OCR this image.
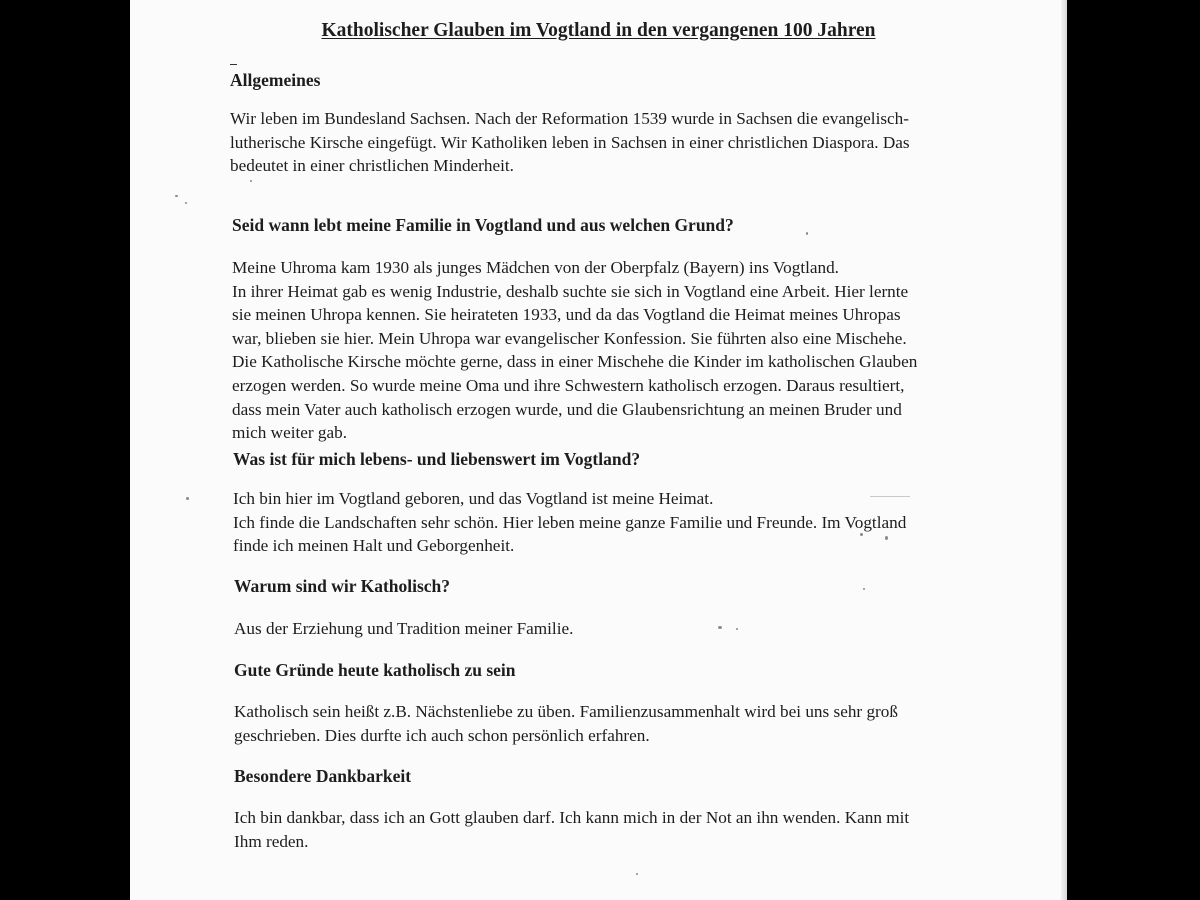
Katholischer Glauben im Vogtland in den vergangenen 100 Jahren
Allgemeines
Wir leben im Bundesland Sachsen. Nach der Reformation 1539 wurde in Sachsen die evangelisch-
lutherische Kirsche eingefügt. Wir Katholiken leben in Sachsen in einer christlichen Diaspora. Das
bedeutet in einer christlichen Minderheit.
Seid wann lebt meine Familie in Vogtland und aus welchen Grund?
Meine Uhroma kam 1930 als junges Mädchen von der Oberpfalz (Bayern) ins Vogtland.
In ihrer Heimat gab es wenig Industrie, deshalb suchte sie sich in Vogtland eine Arbeit. Hier lernte
sie meinen Uhropa kennen. Sie heirateten 1933, und da das Vogtland die Heimat meines Uhropas
war, blieben sie hier. Mein Uhropa war evangelischer Konfession. Sie führten also eine Mischehe.
Die Katholische Kirsche möchte gerne, dass in einer Mischehe die Kinder im katholischen Glauben
erzogen werden. So wurde meine Oma und ihre Schwestern katholisch erzogen. Daraus resultiert,
dass mein Vater auch katholisch erzogen wurde, und die Glaubensrichtung an meinen Bruder und
mich weiter gab.
Was ist für mich lebens- und liebenswert im Vogtland?
Ich bin hier im Vogtland geboren, und das Vogtland ist meine Heimat.
Ich finde die Landschaften sehr schön. Hier leben meine ganze Familie und Freunde. Im Vogtland
finde ich meinen Halt und Geborgenheit.
Warum sind wir Katholisch?
Aus der Erziehung und Tradition meiner Familie.
Gute Gründe heute katholisch zu sein
Katholisch sein heißt z.B. Nächstenliebe zu üben. Familienzusammenhalt wird bei uns sehr groß
geschrieben. Dies durfte ich auch schon persönlich erfahren.
Besondere Dankbarkeit
Ich bin dankbar, dass ich an Gott glauben darf. Ich kann mich in der Not an ihn wenden. Kann mit
Ihm reden.
